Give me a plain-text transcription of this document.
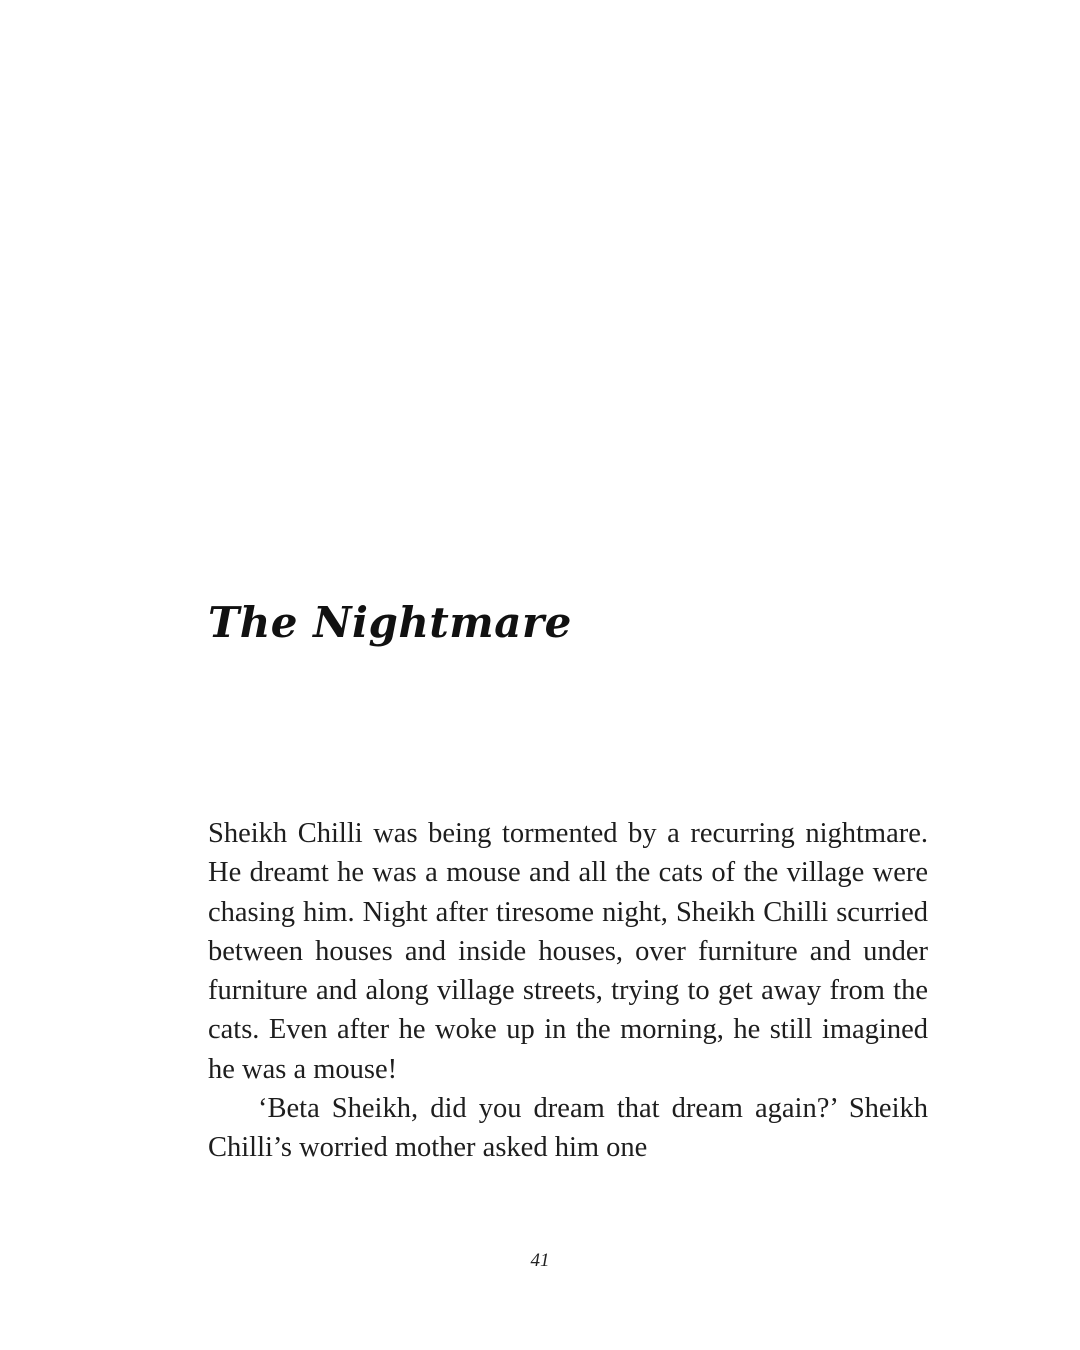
The Nightmare

Sheikh Chilli was being tormented by a recurring nightmare. He dreamt he was a mouse and all the cats of the village were chasing him. Night after tiresome night, Sheikh Chilli scurried between houses and inside houses, over furniture and under furniture and along village streets, trying to get away from the cats. Even after he woke up in the morning, he still imagined he was a mouse!

‘Beta Sheikh, did you dream that dream again?’ Sheikh Chilli’s worried mother asked him one

41
